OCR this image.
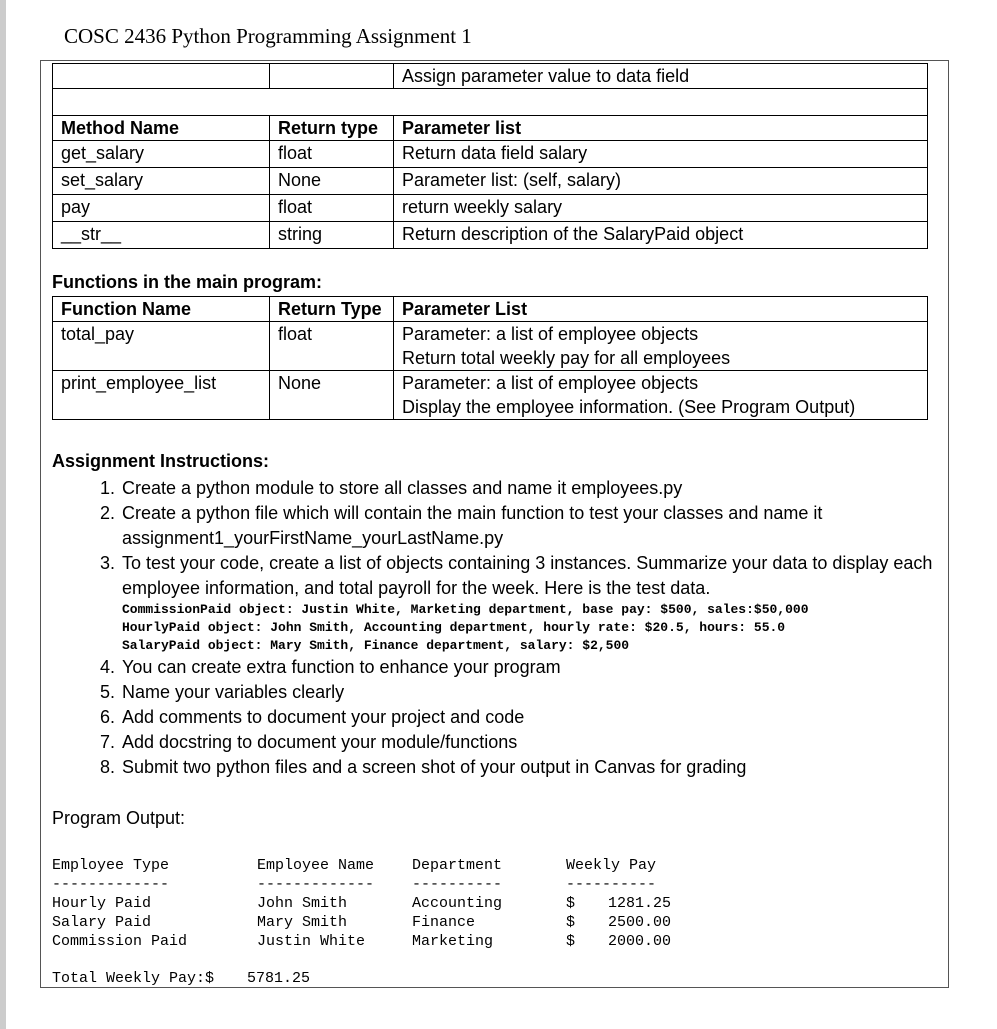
COSC 2436 Python Programming Assignment 1
		Assign parameter value to data field

Method Name	Return type	Parameter list
get_salary	float	Return data field salary
set_salary	None	Parameter list: (self, salary)
pay	float	return weekly salary
__str__	string	Return description of the SalaryPaid object
Functions in the main program:
Function Name	Return Type	Parameter List
total_pay	float	Parameter: a list of employee objects
Return total weekly pay for all employees

print_employee_list	None	Parameter: a list of employee objects
Display the employee information. (See Program Output)
Assignment Instructions:
1. Create a python module to store all classes and name it employees.py
2. Create a python file which will contain the main function to test your classes and name it assignment1_yourFirstName_yourLastName.py
3. To test your code, create a list of objects containing 3 instances. Summarize your data to display each employee information, and total payroll for the week. Here is the test data.
CommissionPaid object: Justin White, Marketing department, base pay: $500, sales:$50,000
HourlyPaid object: John Smith, Accounting department, hourly rate: $20.5, hours: 55.0
SalaryPaid object: Mary Smith, Finance department, salary: $2,500
4. You can create extra function to enhance your program
5. Name your variables clearly
6. Add comments to document your project and code
7. Add docstring to document your module/functions
8. Submit two python files and a screen shot of your output in Canvas for grading
Program Output:
Employee Type	Employee Name	Department	Weekly Pay
-------------	-------------	----------	----------
Hourly Paid	John Smith	Accounting	$ 1281.25
Salary Paid	Mary Smith	Finance	$ 2500.00
Commission Paid	Justin White	Marketing	$ 2000.00
Total Weekly Pay:$ 5781.25
